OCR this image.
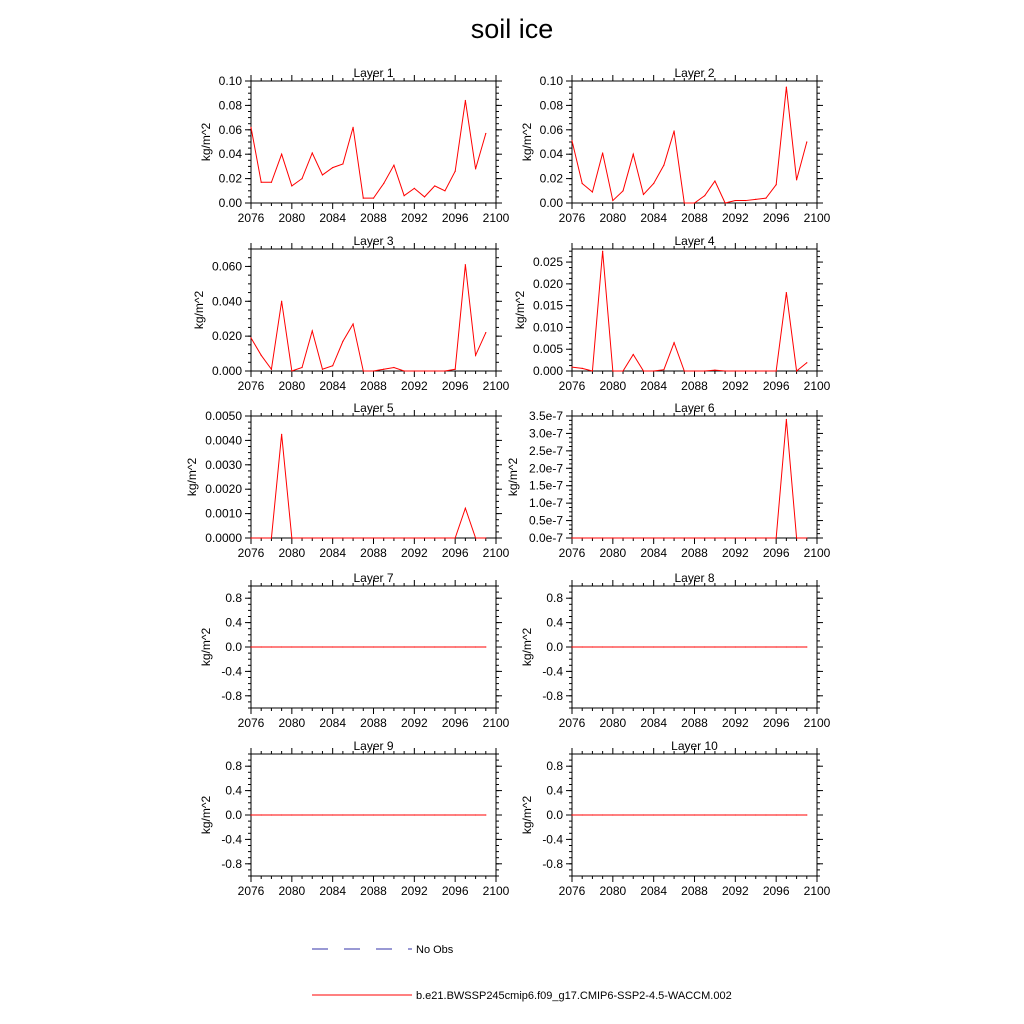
soil ice
Layer 1
2076 2080 2084 2088 2092 2096 2100
0.00
0.02
0.04
0.06
0.08
0.10
kg/m^2
Layer 2
2076 2080 2084 2088 2092 2096 2100
0.00
0.02
0.04
0.06
0.08
0.10
kg/m^2
Layer 3
2076 2080 2084 2088 2092 2096 2100
0.000
0.020
0.040
0.060
kg/m^2
Layer 4
2076 2080 2084 2088 2092 2096 2100
0.000
0.005
0.010
0.015
0.020
0.025
kg/m^2
Layer 5
2076 2080 2084 2088 2092 2096 2100
0.0000
0.0010
0.0020
0.0030
0.0040
0.0050
kg/m^2
Layer 6
2076 2080 2084 2088 2092 2096 2100
0.0e-7
0.5e-7
1.0e-7
1.5e-7
2.0e-7
2.5e-7
3.0e-7
3.5e-7
kg/m^2
Layer 7
2076 2080 2084 2088 2092 2096 2100
-0.8
-0.4
0.0
0.4
0.8
kg/m^2
Layer 8
2076 2080 2084 2088 2092 2096 2100
-0.8
-0.4
0.0
0.4
0.8
kg/m^2
Layer 9
2076 2080 2084 2088 2092 2096 2100
-0.8
-0.4
0.0
0.4
0.8
kg/m^2
Layer 10
2076 2080 2084 2088 2092 2096 2100
-0.8
-0.4
0.0
0.4
0.8
kg/m^2
No Obs
b.e21.BWSSP245cmip6.f09_g17.CMIP6-SSP2-4.5-WACCM.002
